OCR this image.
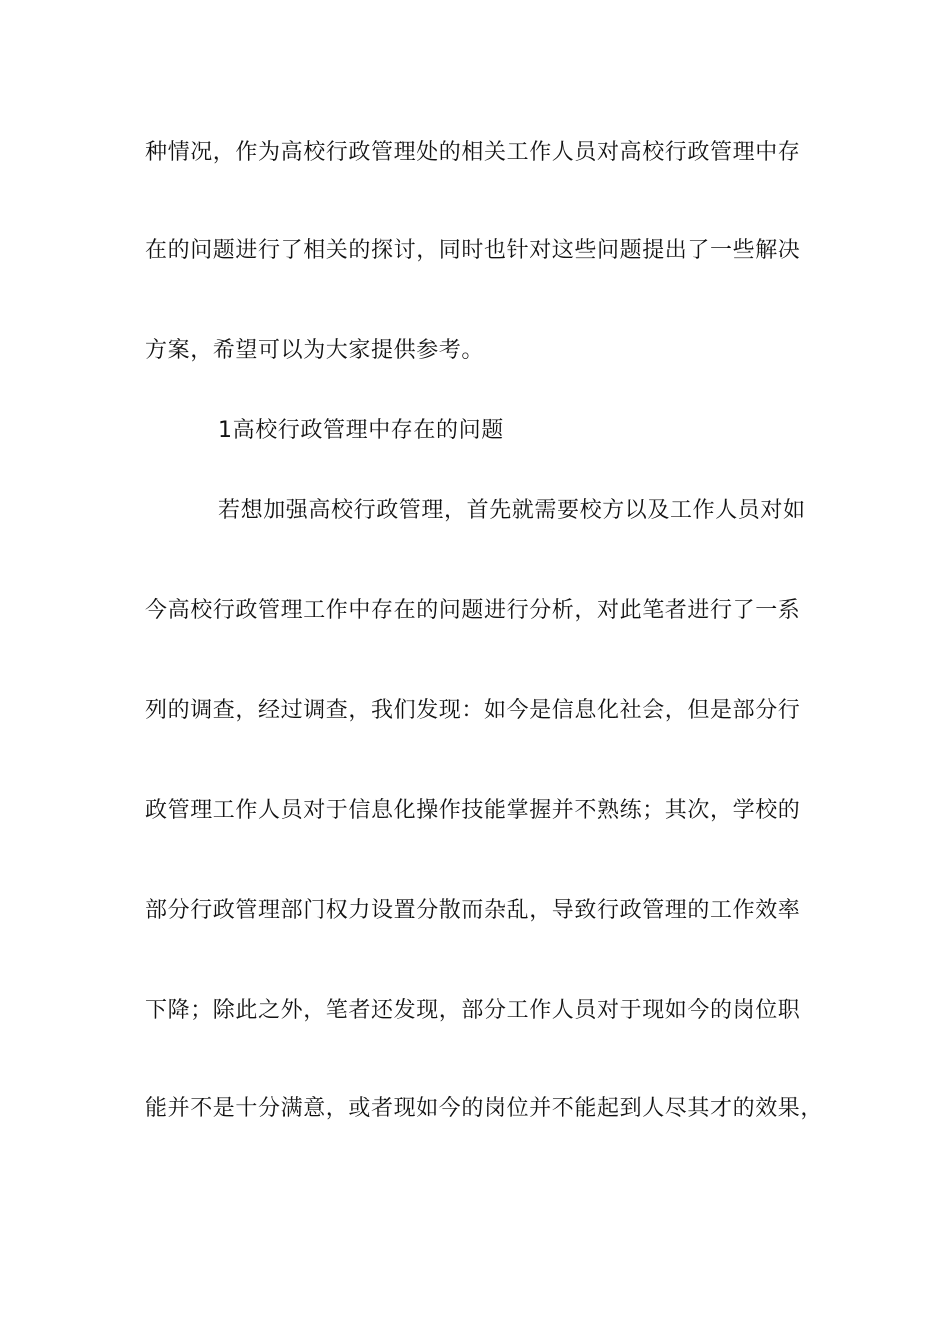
种情况，作为高校行政管理处的相关工作人员对高校行政管理中存
在的问题进行了相关的探讨，同时也针对这些问题提出了一些解决
方案，希望可以为大家提供参考。
1高校行政管理中存在的问题
若想加强高校行政管理，首先就需要校方以及工作人员对如
今高校行政管理工作中存在的问题进行分析，对此笔者进行了一系
列的调查，经过调查，我们发现：如今是信息化社会，但是部分行
政管理工作人员对于信息化操作技能掌握并不熟练；其次，学校的
部分行政管理部门权力设置分散而杂乱，导致行政管理的工作效率
下降；除此之外，笔者还发现，部分工作人员对于现如今的岗位职
能并不是十分满意，或者现如今的岗位并不能起到人尽其才的效果，
